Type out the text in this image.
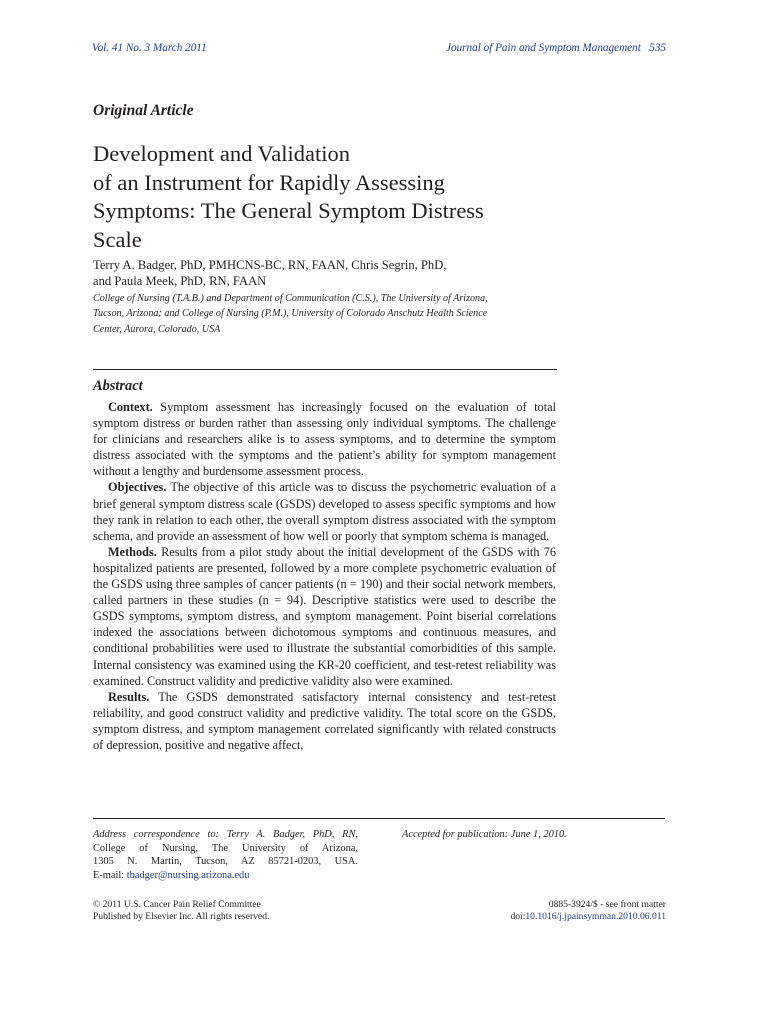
Vol. 41 No. 3 March 2011	Journal of Pain and Symptom Management   535
Original Article
Development and Validation
of an Instrument for Rapidly Assessing
Symptoms: The General Symptom Distress
Scale
Terry A. Badger, PhD, PMHCNS-BC, RN, FAAN, Chris Segrin, PhD,
and Paula Meek, PhD, RN, FAAN
College of Nursing (T.A.B.) and Department of Communication (C.S.), The University of Arizona,
Tucson, Arizona; and College of Nursing (P.M.), University of Colorado Anschutz Health Science
Center, Aurora, Colorado, USA
Abstract

Context. Symptom assessment has increasingly focused on the evaluation of total symptom distress or burden rather than assessing only individual symptoms. The challenge for clinicians and researchers alike is to assess symptoms, and to determine the symptom distress associated with the symptoms and the patient’s ability for symptom management without a lengthy and burdensome assessment process.

Objectives. The objective of this article was to discuss the psychometric evaluation of a brief general symptom distress scale (GSDS) developed to assess specific symptoms and how they rank in relation to each other, the overall symptom distress associated with the symptom schema, and provide an assessment of how well or poorly that symptom schema is managed.

Methods. Results from a pilot study about the initial development of the GSDS with 76 hospitalized patients are presented, followed by a more complete psychometric evaluation of the GSDS using three samples of cancer patients (n = 190) and their social network members, called partners in these studies (n = 94). Descriptive statistics were used to describe the GSDS symptoms, symptom distress, and symptom management. Point biserial correlations indexed the associations between dichotomous symptoms and continuous measures, and conditional probabilities were used to illustrate the substantial comorbidities of this sample. Internal consistency was examined using the KR-20 coefficient, and test-retest reliability was examined. Construct validity and predictive validity also were examined.

Results. The GSDS demonstrated satisfactory internal consistency and test-retest reliability, and good construct validity and predictive validity. The total score on the GSDS, symptom distress, and symptom management correlated significantly with related constructs of depression, positive and negative affect,

Address correspondence to: Terry A. Badger, PhD, RN,
College of Nursing, The University of Arizona,
1305 N. Martin, Tucson, AZ 85721-0203, USA.
E-mail: tbadger@nursing.arizona.edu
Accepted for publication: June 1, 2010.
© 2011 U.S. Cancer Pain Relief Committee
Published by Elsevier Inc. All rights reserved.
0885-3924/$ - see front matter
doi:10.1016/j.jpainsymman.2010.06.011
